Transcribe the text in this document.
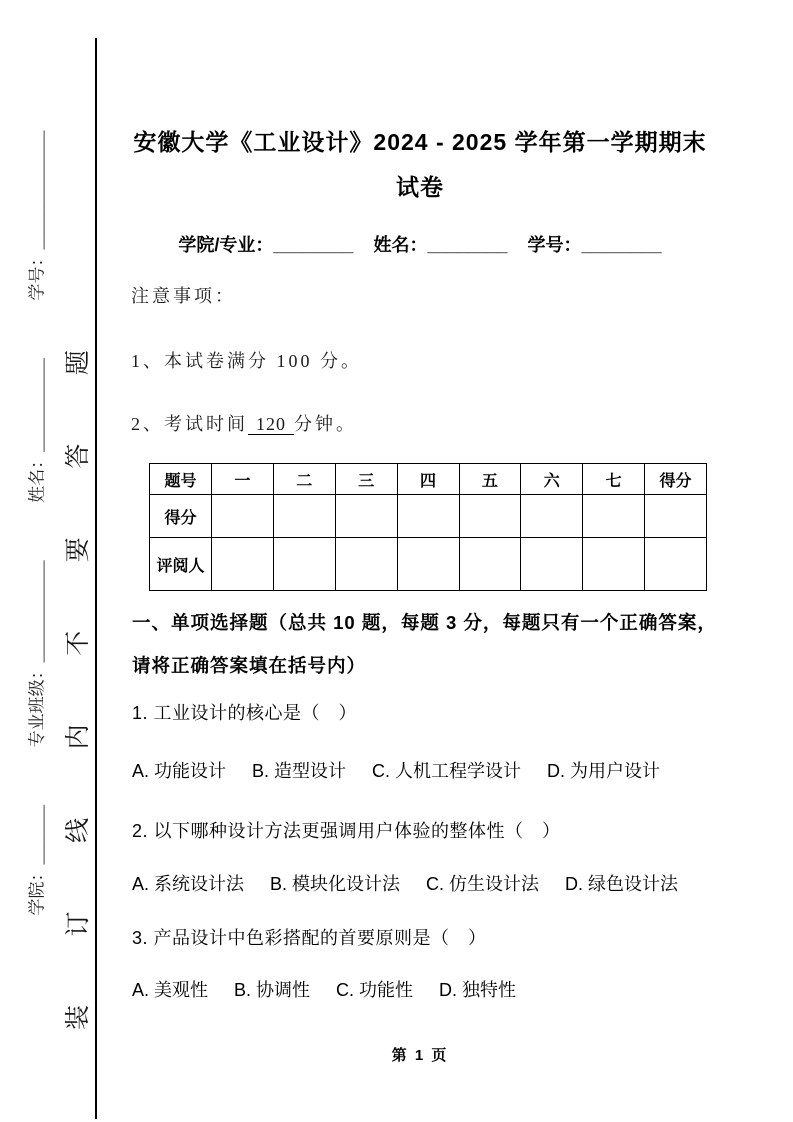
学院：_______
专业班级：____________
姓名：___________
学号：______________
装
订
线
内
不
要
答
题
安徽大学《工业设计》2024 - 2025 学年第一学期期末
试卷
学院/专业：________ 姓名：________ 学号：________
注意事项：
1、本试卷满分 100 分。
2、考试时间 120 分钟。
题号	一	二	三	四	五	六	七	得分
得分								
评阅人								
一、单项选择题（总共 10 题，每题 3 分，每题只有一个正确答案，
请将正确答案填在括号内）
1. 工业设计的核心是（　）
A. 功能设计 B. 造型设计 C. 人机工程学设计 D. 为用户设计
2. 以下哪种设计方法更强调用户体验的整体性（　）
A. 系统设计法 B. 模块化设计法 C. 仿生设计法 D. 绿色设计法
3. 产品设计中色彩搭配的首要原则是（　）
A. 美观性 B. 协调性 C. 功能性 D. 独特性
第 1 页
